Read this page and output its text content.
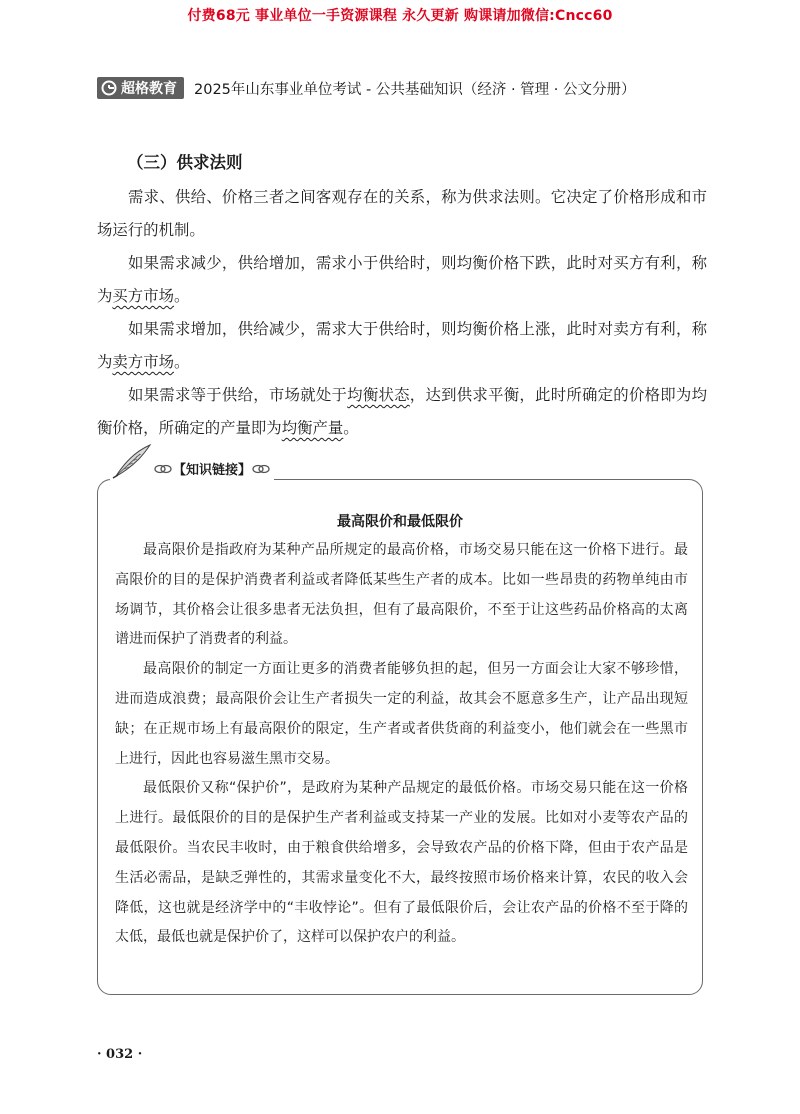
付费68元 事业单位一手资源课程 永久更新 购课请加微信:Cncc60
超格教育 2025年山东事业单位考试 - 公共基础知识（经济 · 管理 · 公文分册）
（三）供求法则

需求、供给、价格三者之间客观存在的关系，称为供求法则。它决定了价格形成和市场运行的机制。

如果需求减少，供给增加，需求小于供给时，则均衡价格下跌，此时对买方有利，称为买方市场。

如果需求增加，供给减少，需求大于供给时，则均衡价格上涨，此时对卖方有利，称为卖方市场。

如果需求等于供给，市场就处于均衡状态，达到供求平衡，此时所确定的价格即为均衡价格，所确定的产量即为均衡产量。

【知识链接】
最高限价和最低限价

最高限价是指政府为某种产品所规定的最高价格，市场交易只能在这一价格下进行。最高限价的目的是保护消费者利益或者降低某些生产者的成本。比如一些昂贵的药物单纯由市场调节，其价格会让很多患者无法负担，但有了最高限价，不至于让这些药品价格高的太离谱进而保护了消费者的利益。

最高限价的制定一方面让更多的消费者能够负担的起，但另一方面会让大家不够珍惜，进而造成浪费；最高限价会让生产者损失一定的利益，故其会不愿意多生产，让产品出现短缺；在正规市场上有最高限价的限定，生产者或者供货商的利益变小，他们就会在一些黑市上进行，因此也容易滋生黑市交易。

最低限价又称“保护价”，是政府为某种产品规定的最低价格。市场交易只能在这一价格上进行。最低限价的目的是保护生产者利益或支持某一产业的发展。比如对小麦等农产品的最低限价。当农民丰收时，由于粮食供给增多，会导致农产品的价格下降，但由于农产品是生活必需品，是缺乏弹性的，其需求量变化不大，最终按照市场价格来计算，农民的收入会降低，这也就是经济学中的“丰收悖论”。但有了最低限价后，会让农产品的价格不至于降的太低，最低也就是保护价了，这样可以保护农户的利益。

· 032 ·
